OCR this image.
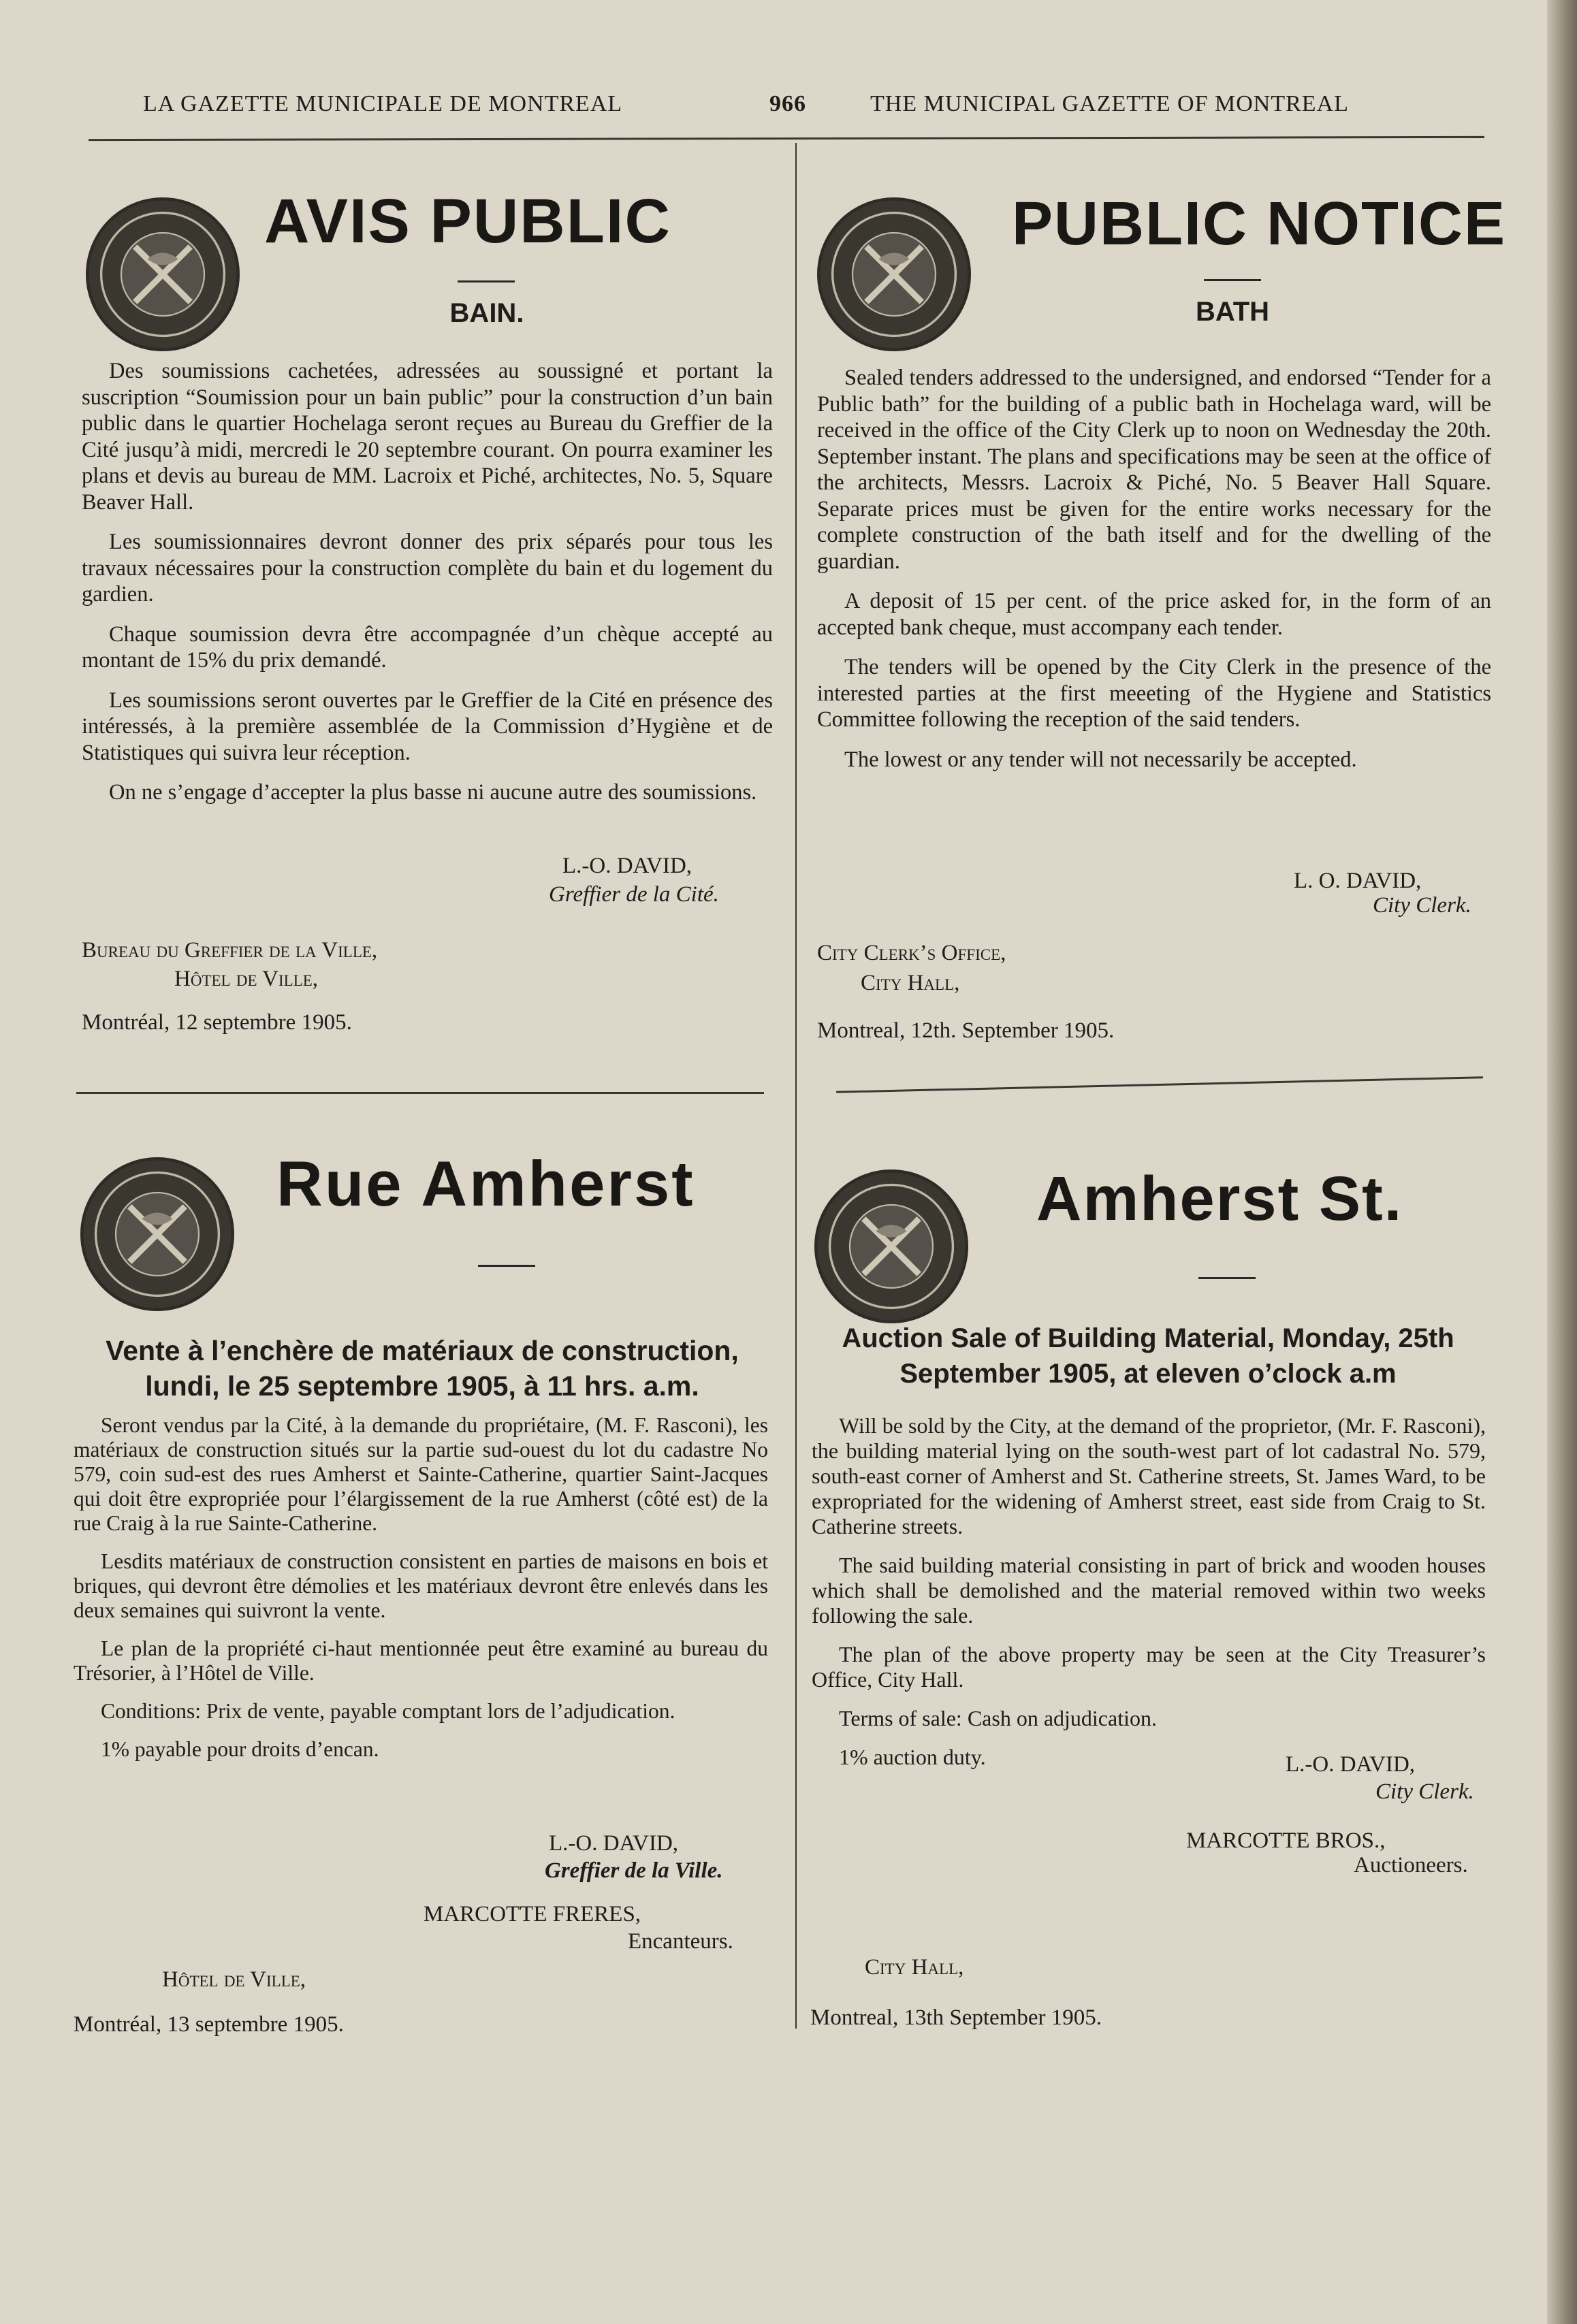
LA GAZETTE MUNICIPALE DE MONTREAL	966	THE MUNICIPAL GAZETTE OF MONTREAL
AVIS PUBLIC
BAIN.

Des soumissions cachetées, adressées au soussigné et portant la suscription “Soumission pour un bain public” pour la construction d’un bain public dans le quartier Hochelaga seront reçues au Bureau du Greffier de la Cité jusqu’à midi, mercredi le 20 septembre courant. On pourra examiner les plans et devis au bureau de MM. Lacroix et Piché, architectes, No. 5, Square Beaver Hall.

Les soumissionnaires devront donner des prix séparés pour tous les travaux nécessaires pour la construction complète du bain et du logement du gardien.

Chaque soumission devra être accompagnée d’un chèque accepté au montant de 15% du prix demandé.

Les soumissions seront ouvertes par le Greffier de la Cité en présence des intéressés, à la première assemblée de la Commission d’Hygiène et de Statistiques qui suivra leur réception.

On ne s’engage d’accepter la plus basse ni aucune autre des soumissions.

L.-O. DAVID,
Greffier de la Cité.
Bureau du Greffier de la Ville,
Hôtel de Ville,
Montréal, 12 septembre 1905.
PUBLIC NOTICE
BATH

Sealed tenders addressed to the undersigned, and endorsed “Tender for a Public bath” for the building of a public bath in Hochelaga ward, will be received in the office of the City Clerk up to noon on Wednesday the 20th. September instant. The plans and specifications may be seen at the office of the architects, Messrs. Lacroix & Piché, No. 5 Beaver Hall Square. Separate prices must be given for the entire works necessary for the complete construction of the bath itself and for the dwelling of the guardian.

A deposit of 15 per cent. of the price asked for, in the form of an accepted bank cheque, must accompany each tender.

The tenders will be opened by the City Clerk in the presence of the interested parties at the first meeeting of the Hygiene and Statistics Committee following the reception of the said tenders.

The lowest or any tender will not necessarily be accepted.

L. O. DAVID,
City Clerk.
City Clerk’s Office,
City Hall,
Montreal, 12th. September 1905.
Rue Amherst
Vente à l’enchère de matériaux de construction,
lundi, le 25 septembre 1905, à 11 hrs. a.m.

Seront vendus par la Cité, à la demande du propriétaire, (M. F. Rasconi), les matériaux de construction situés sur la partie sud-ouest du lot du cadastre No 579, coin sud-est des rues Amherst et Sainte-Catherine, quartier Saint-Jacques qui doit être expropriée pour l’élargissement de la rue Amherst (côté est) de la rue Craig à la rue Sainte-Catherine.

Lesdits matériaux de construction consistent en parties de maisons en bois et briques, qui devront être démolies et les matériaux devront être enlevés dans les deux semaines qui suivront la vente.

Le plan de la propriété ci-haut mentionnée peut être examiné au bureau du Trésorier, à l’Hôtel de Ville.

Conditions: Prix de vente, payable comptant lors de l’adjudication.

1% payable pour droits d’encan.

L.-O. DAVID,
Greffier de la Ville.
MARCOTTE FRERES,
Encanteurs.
Hôtel de Ville,
Montréal, 13 septembre 1905.
Amherst St.
Auction Sale of Building Material, Monday, 25th
September 1905, at eleven o’clock a.m

Will be sold by the City, at the demand of the proprietor, (Mr. F. Rasconi), the building material lying on the south-west part of lot cadastral No. 579, south-east corner of Amherst and St. Catherine streets, St. James Ward, to be expropriated for the widening of Amherst street, east side from Craig to St. Catherine streets.

The said building material consisting in part of brick and wooden houses which shall be demolished and the material removed within two weeks following the sale.

The plan of the above property may be seen at the City Treasurer’s Office, City Hall.

Terms of sale: Cash on adjudication.

1% auction duty.	L.-O. DAVID,
City Clerk.
MARCOTTE BROS.,
Auctioneers.
City Hall,
Montreal, 13th September 1905.
